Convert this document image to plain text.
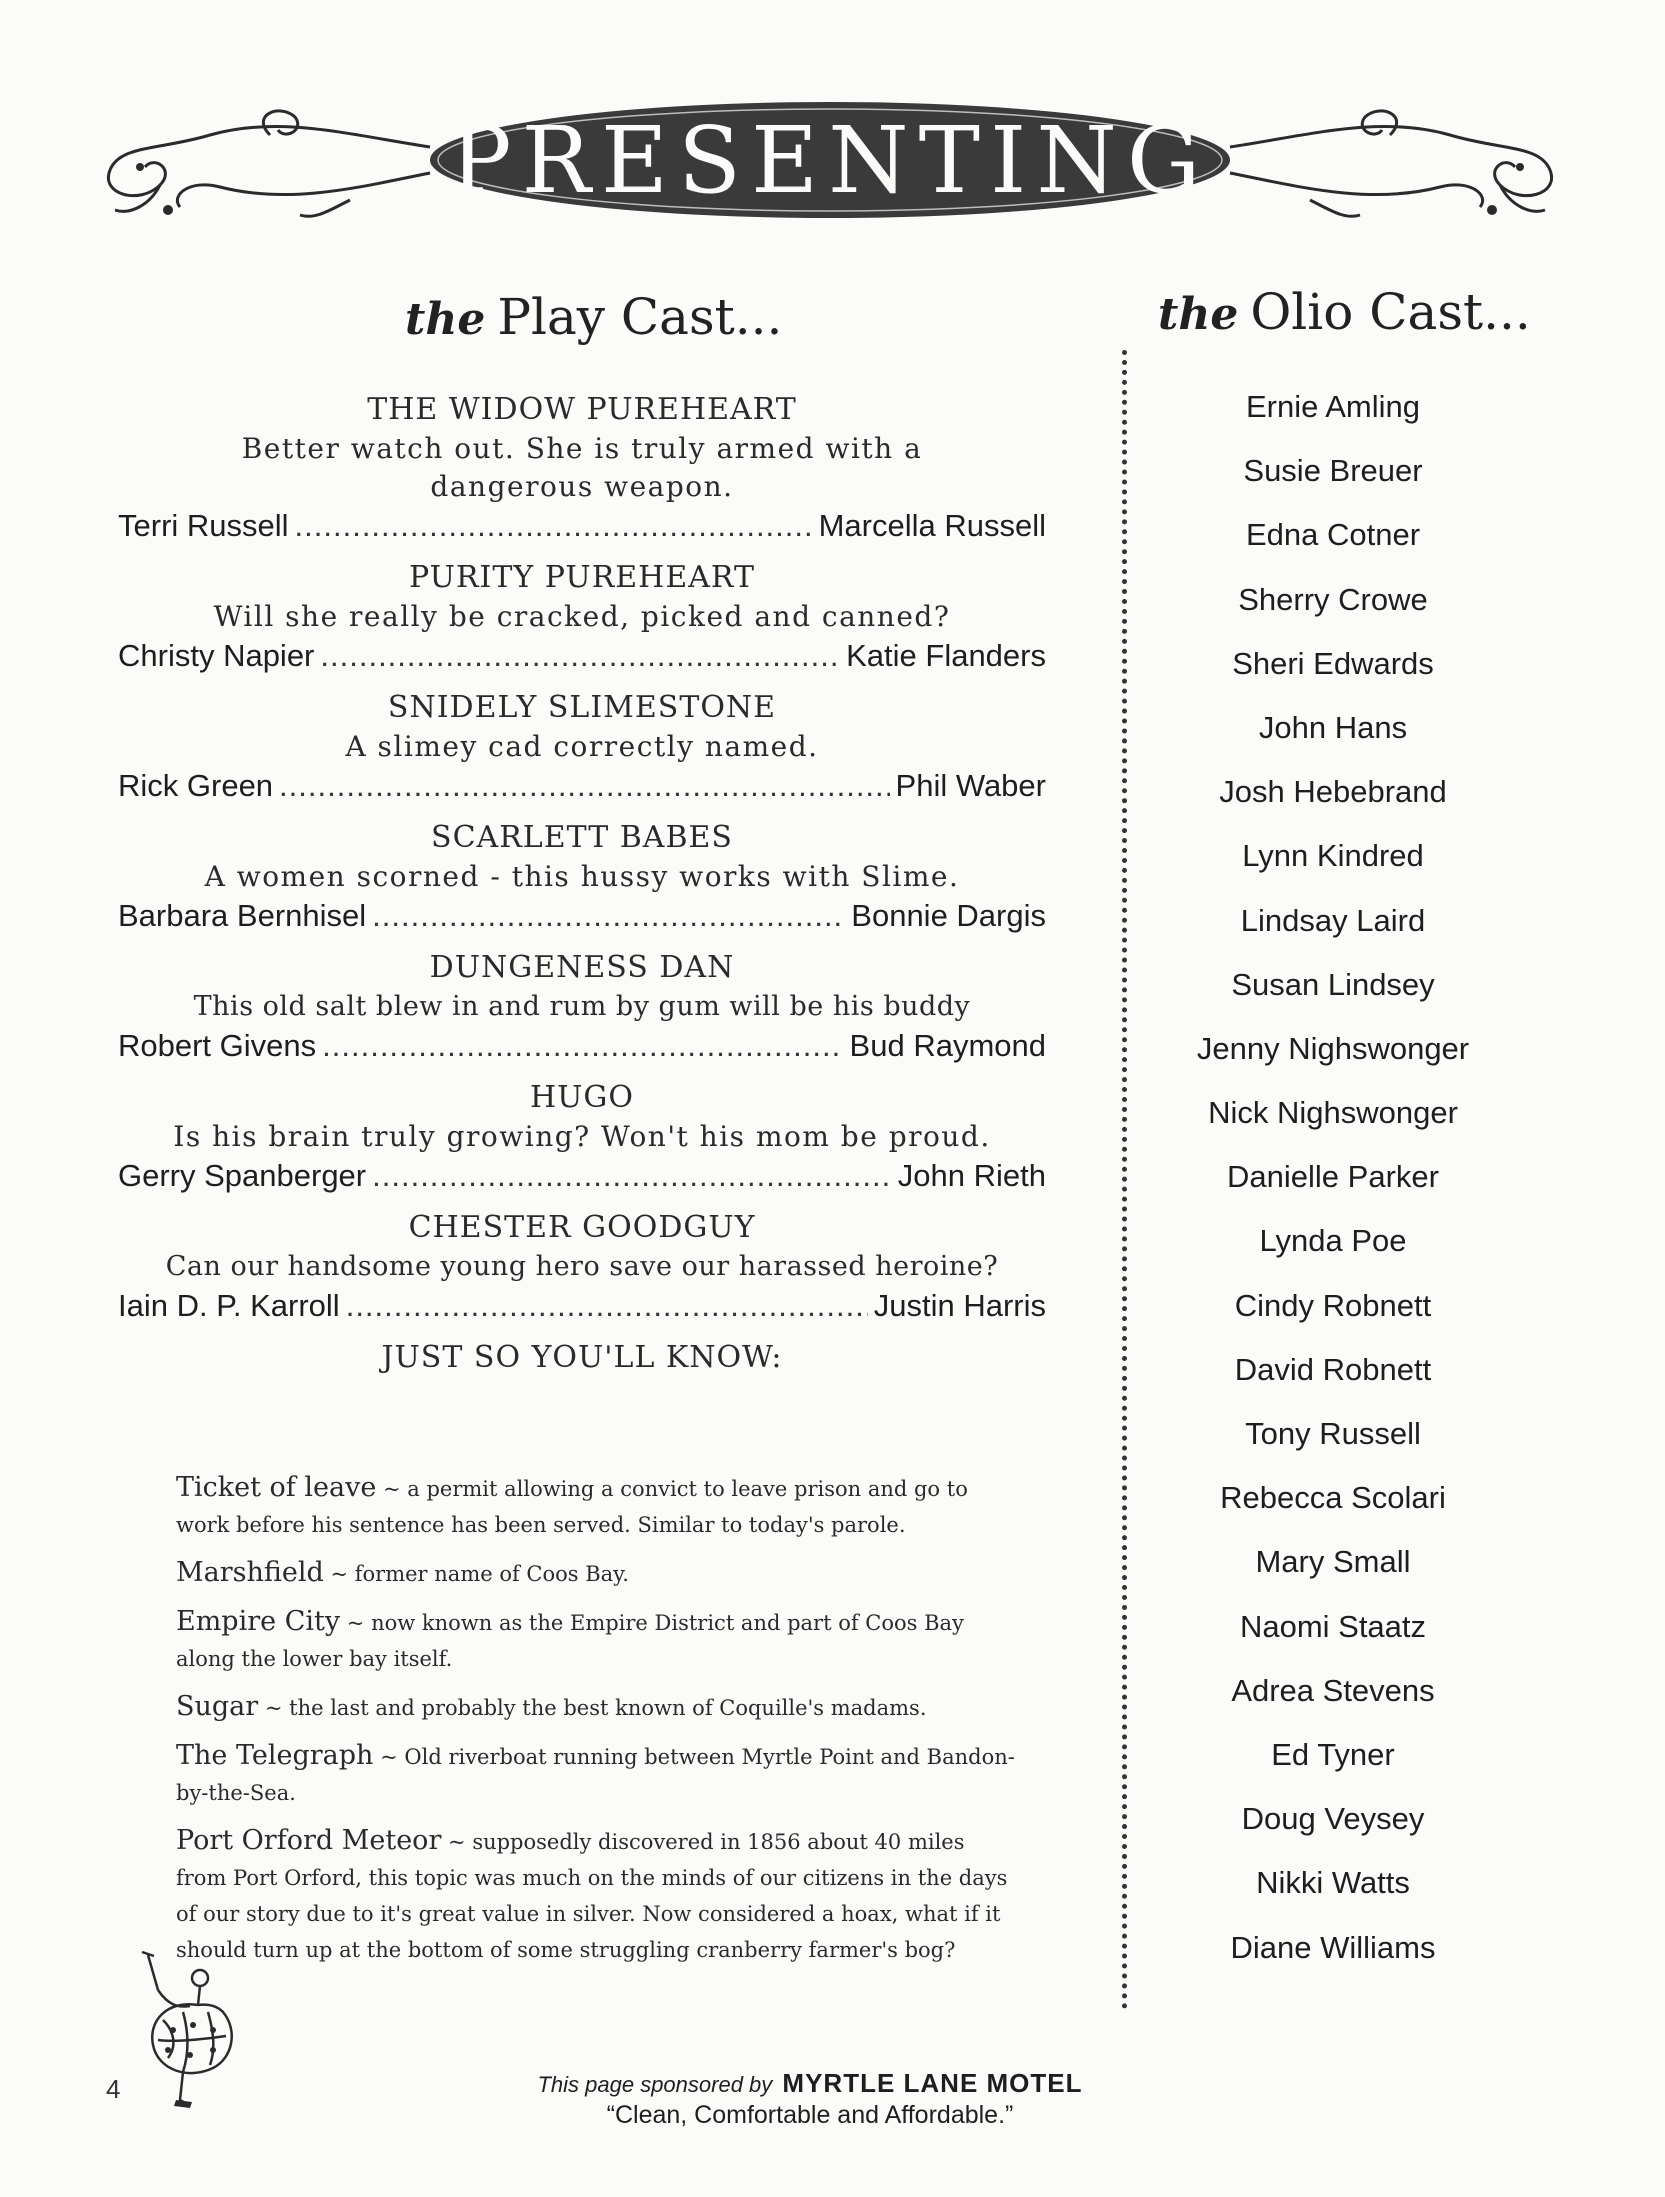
PRESENTING
the Play Cast...	the Olio Cast...
THE WIDOW PUREHEART
Better watch out. She is truly armed with a dangerous weapon.
Terri Russell .....	Marcella Russell
PURITY PUREHEART
Will she really be cracked, picked and canned?
Christy Napier .....	Katie Flanders
SNIDELY SLIMESTONE
A slimey cad correctly named.
Rick Green .....	Phil Waber
SCARLETT BABES
A women scorned - this hussy works with Slime.
Barbara Bernhisel .....	Bonnie Dargis
DUNGENESS DAN
This old salt blew in and rum by gum will be his buddy
Robert Givens .....	Bud Raymond
HUGO
Is his brain truly growing? Won't his mom be proud.
Gerry Spanberger .....	John Rieth
CHESTER GOODGUY
Can our handsome young hero save our harassed heroine?
Iain D. P. Karroll .....	Justin Harris
JUST SO YOU'LL KNOW:
Ticket of leave ~ a permit allowing a convict to leave prison and go to work before his sentence has been served. Similar to today's parole.
Marshfield ~ former name of Coos Bay.
Empire City ~ now known as the Empire District and part of Coos Bay along the lower bay itself.
Sugar ~ the last and probably the best known of Coquille's madams.
The Telegraph ~ Old riverboat running between Myrtle Point and Bandon-by-the-Sea.
Port Orford Meteor ~ supposedly discovered in 1856 about 40 miles from Port Orford, this topic was much on the minds of our citizens in the days of our story due to it's great value in silver. Now considered a hoax, what if it should turn up at the bottom of some struggling cranberry farmer's bog?
Ernie Amling
Susie Breuer
Edna Cotner
Sherry Crowe
Sheri Edwards
John Hans
Josh Hebebrand
Lynn Kindred
Lindsay Laird
Susan Lindsey
Jenny Nighswonger
Nick Nighswonger
Danielle Parker
Lynda Poe
Cindy Robnett
David Robnett
Tony Russell
Rebecca Scolari
Mary Small
Naomi Staatz
Adrea Stevens
Ed Tyner
Doug Veysey
Nikki Watts
Diane Williams
4	This page sponsored by MYRTLE LANE MOTEL
“Clean, Comfortable and Affordable.”
